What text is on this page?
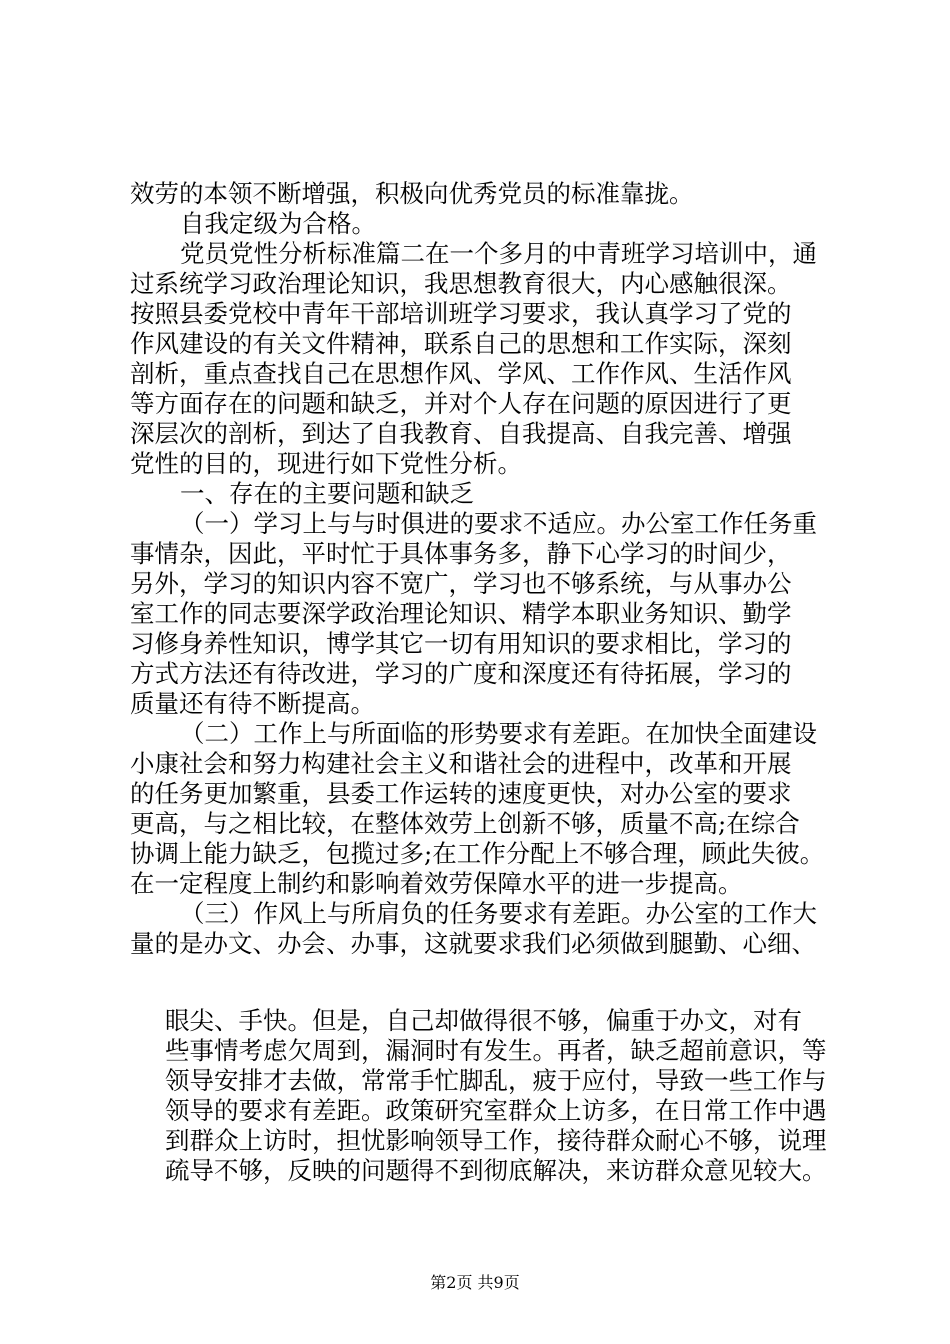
效劳的本领不断增强，积极向优秀党员的标准靠拢。
自我定级为合格。
党员党性分析标准篇二在一个多月的中青班学习培训中，通
过系统学习政治理论知识，我思想教育很大，内心感触很深。
按照县委党校中青年干部培训班学习要求，我认真学习了党的
作风建设的有关文件精神，联系自己的思想和工作实际，深刻
剖析，重点查找自己在思想作风、学风、工作作风、生活作风
等方面存在的问题和缺乏，并对个人存在问题的原因进行了更
深层次的剖析，到达了自我教育、自我提高、自我完善、增强
党性的目的，现进行如下党性分析。
一、存在的主要问题和缺乏
（一）学习上与与时俱进的要求不适应。办公室工作任务重
事情杂，因此，平时忙于具体事务多，静下心学习的时间少，
另外，学习的知识内容不宽广，学习也不够系统，与从事办公
室工作的同志要深学政治理论知识、精学本职业务知识、勤学
习修身养性知识，博学其它一切有用知识的要求相比，学习的
方式方法还有待改进，学习的广度和深度还有待拓展，学习的
质量还有待不断提高。
（二）工作上与所面临的形势要求有差距。在加快全面建设
小康社会和努力构建社会主义和谐社会的进程中，改革和开展
的任务更加繁重，县委工作运转的速度更快，对办公室的要求
更高，与之相比较，在整体效劳上创新不够，质量不高;在综合
协调上能力缺乏，包揽过多;在工作分配上不够合理，顾此失彼。
在一定程度上制约和影响着效劳保障水平的进一步提高。
（三）作风上与所肩负的任务要求有差距。办公室的工作大
量的是办文、办会、办事，这就要求我们必须做到腿勤、心细、
眼尖、手快。但是，自己却做得很不够，偏重于办文，对有
些事情考虑欠周到，漏洞时有发生。再者，缺乏超前意识，等
领导安排才去做，常常手忙脚乱，疲于应付，导致一些工作与
领导的要求有差距。政策研究室群众上访多，在日常工作中遇
到群众上访时，担忧影响领导工作，接待群众耐心不够，说理
疏导不够，反映的问题得不到彻底解决，来访群众意见较大。
第2页 共9页
